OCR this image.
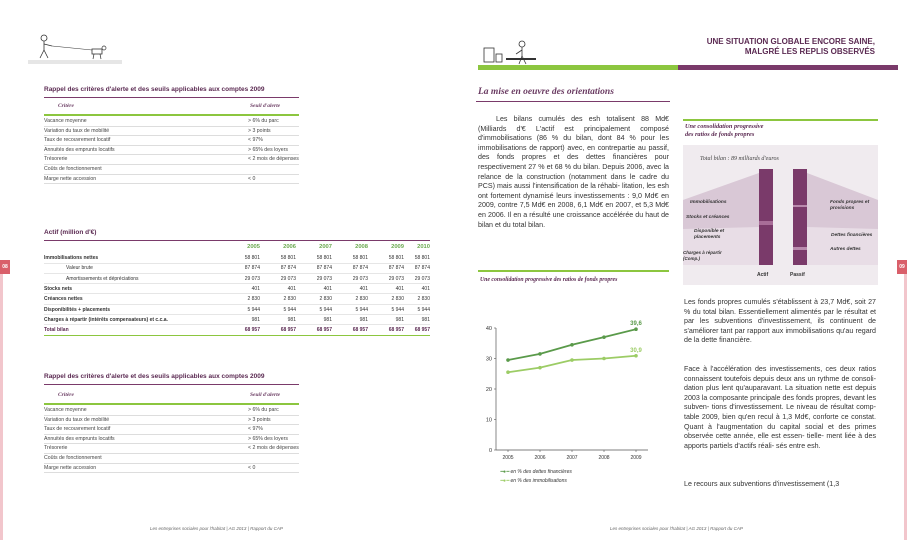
08	09
Rappel des critères d'alerte et des seuils applicables aux comptes 2009
Critère	Seuil d'alerte
Vacance moyenne	> 6% du parc
Variation du taux de mobilité	> 3 points
Taux de recouvrement locatif	< 97%
Annuités des emprunts locatifs	> 65% des loyers
Trésorerie	< 2 mois de dépenses
Coûts de fonctionnement
Marge nette accession	< 0
Actif (million d'€)
2005	2006	2007	2008	2009	2010
Immobilisations nettes	58 801	58 801	58 801	58 801	58 801	58 801
Valeur brute	87 874	87 874	87 874	87 874	87 874	87 874
Amortissements et dépréciations	29 073	29 073	29 073	29 073	29 073	29 073
Stocks nets	401	401	401	401	401	401
Créances nettes	2 830	2 830	2 830	2 830	2 830	2 830
Disponibilités + placements	5 944	5 944	5 944	5 944	5 944	5 944
Charges à répartir (intérêts compensateurs) et c.c.a.	981	981	981	981	981	981
Total bilan	68 957	68 957	68 957	68 957	68 957	68 957
Rappel des critères d'alerte et des seuils applicables aux comptes 2009
Critère	Seuil d'alerte
Vacance moyenne	> 6% du parc
Variation du taux de mobilité	> 3 points
Taux de recouvrement locatif	< 97%
Annuités des emprunts locatifs	> 65% des loyers
Trésorerie	< 2 mois de dépenses
Coûts de fonctionnement
Marge nette accession	< 0
Les entreprises sociales pour l'habitat | AG 2013 | Rapport du CAP
UNE SITUATION GLOBALE ENCORE SAINE,
MALGRÉ LES REPLIS OBSERVÉS
La mise en oeuvre des orientations
Les bilans cumulés des esh totalisent 88 Md€ (Milliards d'€ L'actif est principalement composé d'immobilisations (86 % du bilan, dont 84 % pour les immobilisations de rapport) avec, en contrepartie au passif, des fonds propres et des dettes financières pour respectivement 27 % et 68 % du bilan. Depuis 2006, avec la relance de la construction (notamment dans le cadre du PCS) mais aussi l'intensification de la réhabi- litation, les esh ont fortement dynamisé leurs investissements : 9,0 Md€ en 2009, contre 7,5 Md€ en 2008, 6,1 Md€ en 2007, et 5,3 Md€ en 2006. Il en a résulté une croissance accélérée du haut de bilan et du total bilan.
Une consolidation progressive des ratios de fonds propres
0
10
20
30
40
2005	2006	2007	2008	2009
39,6
30,9
━●━ en % des dettes financières
━●━ en % des immobilisations
Une consolidation progressive
des ratios de fonds propres
Total bilan : 89 milliards d'euros
Immobilisations
Stocks et créances
Disponible et placements
Charges à répartir (Comp.)
Fonds propres et provisions
Dettes financières
Autres dettes
Actif	Passif
Les fonds propres cumulés s'établissent à 23,7 Md€, soit 27 % du total bilan. Essentiellement alimentés par le résultat et par les subventions d'investissement, ils continuent de s'améliorer tant par rapport aux immobilisations qu'au regard de la dette financière.
Face à l'accélération des investissements, ces deux ratios connaissent toutefois depuis deux ans un rythme de consoli- dation plus lent qu'auparavant. La situation nette est depuis 2003 la composante principale des fonds propres, devant les subven- tions d'investissement. Le niveau de résultat comp- table 2009, bien qu'en recul à 1,3 Md€, conforte ce constat. Quant à l'augmentation du capital social et des primes observée cette année, elle est essen- tielle- ment liée à des apports partiels d'actifs réali- sés entre esh.
Le recours aux subventions d'investissement (1,3
Les entreprises sociales pour l'habitat | AG 2013 | Rapport du CAP
